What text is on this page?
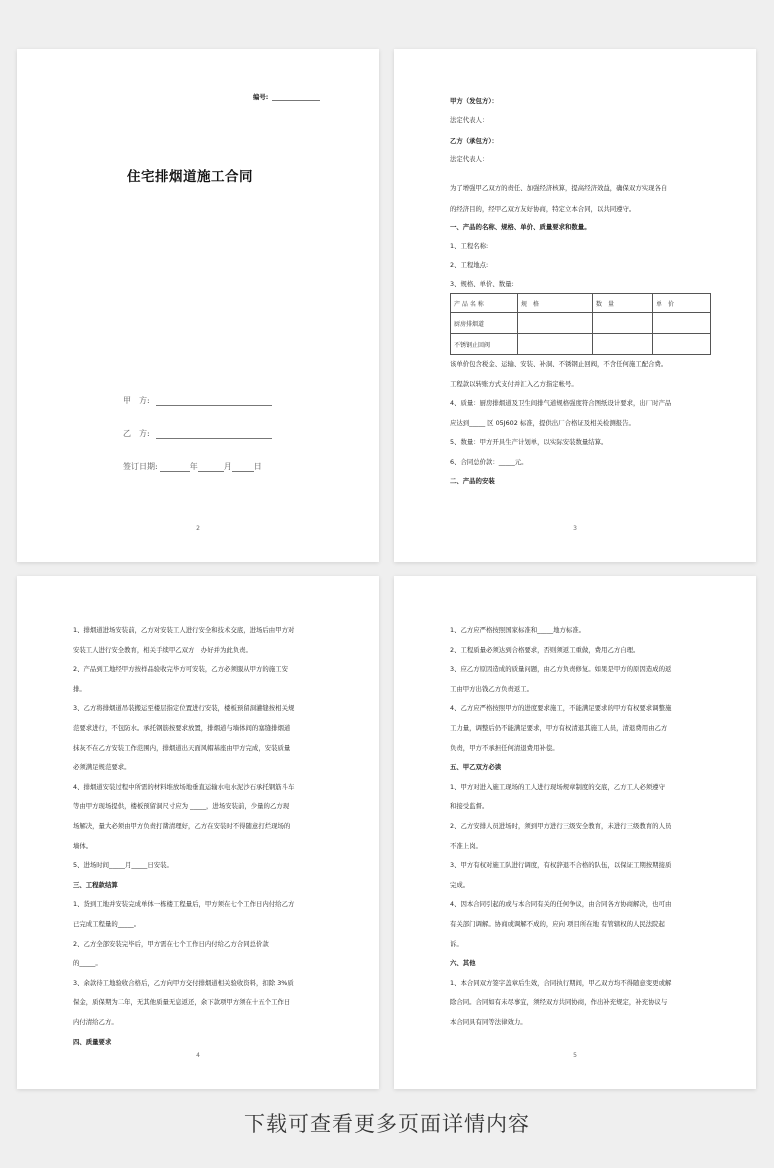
编号:
住宅排烟道施工合同
甲　方:
乙　方:
签订日期:	年	月	日
2
甲方（发包方）：
法定代表人：
乙方（承包方）：
法定代表人：
为了增强甲乙双方的责任、加强经济核算，提高经济效益，确保双方实现各自
的经济目的，经甲乙双方友好协商，特定立本合同，以共同遵守。
一、产品的名称、规格、单价、质量要求和数量。
1、工程名称:
2、工程地点:
3、规格、单价、数量:
产 品 名 称	规　格	数　量	单　价
厨房排烟道			
不锈钢止回阀			
该单价包含税金、运输、安装、补洞、不锈钢止回阀，不含任何施工配合费。
工程款以转账方式支付并汇入乙方指定帐号。
4、质量：厨房排烟道及卫生间排气道规格强度符合图纸设计要求，出厂时产品
应达到_____ 区 05J602 标准，提供出厂合格证及相关检测报告。
5、数量：甲方开具生产计划单，以实际安装数量结算。
6、合同总价款：_____元。
二、产品的安装
3
1、排烟道进场安装前，乙方对安装工人进行安全和技术交底，进场后由甲方对
安装工人进行安全教育，相关手续甲乙双方　办好并为此负责。
2、产品到工地经甲方按样品验收完毕方可安装，乙方必须服从甲方的施工安
排。
3、乙方将排烟道吊装搬运至楼层指定位置进行安装，楼板预留洞灌缝按相关规
范要求进行，不包防水。承托钢筋按要求放置，排烟道与墙体间的塞缝排烟道
抹灰不在乙方安装工作范围内，排烟道出天面风帽基座由甲方完成，安装质量
必须满足规范要求。
4、排烟道安装过程中所需的材料堆放场地垂直运输水电水泥沙石承托钢筋斗车
等由甲方现场提供，楼板预留洞尺寸应为 _____，进场安装前，少量的乙方现
场解决，量大必须由甲方负责打凿清理好，乙方在安装时不得随意打烂现场的
墙体。
5、进场时间_____月_____日安装。
三、工程款结算
1、货到工地并安装完成单体一栋楼工程量后，甲方须在七个工作日内付给乙方
已完成工程量的_____。
2、乙方全部安装完毕后，甲方需在七个工作日内付给乙方合同总价款
的_____。
3、余款待工地验收合格后，乙方向甲方交付排烟道相关验收资料，扣除 3%质
保金，质保期为二年，无其他质量无息返还，余下款项甲方须在十五个工作日
内付清给乙方。
四、质量要求
4
1、乙方应严格按照国家标准和_____地方标准。
2、工程质量必须达到合格要求，否则须返工重做，费用乙方自理。
3、应乙方原因造成的质量问题，由乙方负责修复。如果是甲方的原因造成的返
工由甲方出钱乙方负责返工。
4、乙方应严格按照甲方的进度要求施工，不能满足要求的甲方有权要求调整施
工力量，调整后仍不能满足要求，甲方有权清退其施工人员，清退费用由乙方
负责，甲方不承担任何清退费用补偿。
五、甲乙双方必读
1、甲方对进入施工现场的工人进行现场规章制度的交底，乙方工人必须遵守
和接受监督。
2、乙方安排人员进场时，须到甲方进行三级安全教育，未进行三级教育的人员
不准上岗。
3、甲方有权对施工队进行调度，有权辞退不合格的队伍，以保证工期按期接质
完成。
4、因本合同引起的或与本合同有关的任何争议，由合同各方协商解决，也可由
有关部门调解。协商或调解不成的，应向 项目所在地 有管辖权的人民法院起
诉。
六、其他
1、本合同双方签字盖章后生效，合同执行期间，甲乙双方均不得随意变更或解
除合同。合同如有未尽事宜，须经双方共同协商，作出补充规定，补充协议与
本合同具有同等法律效力。
5
下载可查看更多页面详情内容
